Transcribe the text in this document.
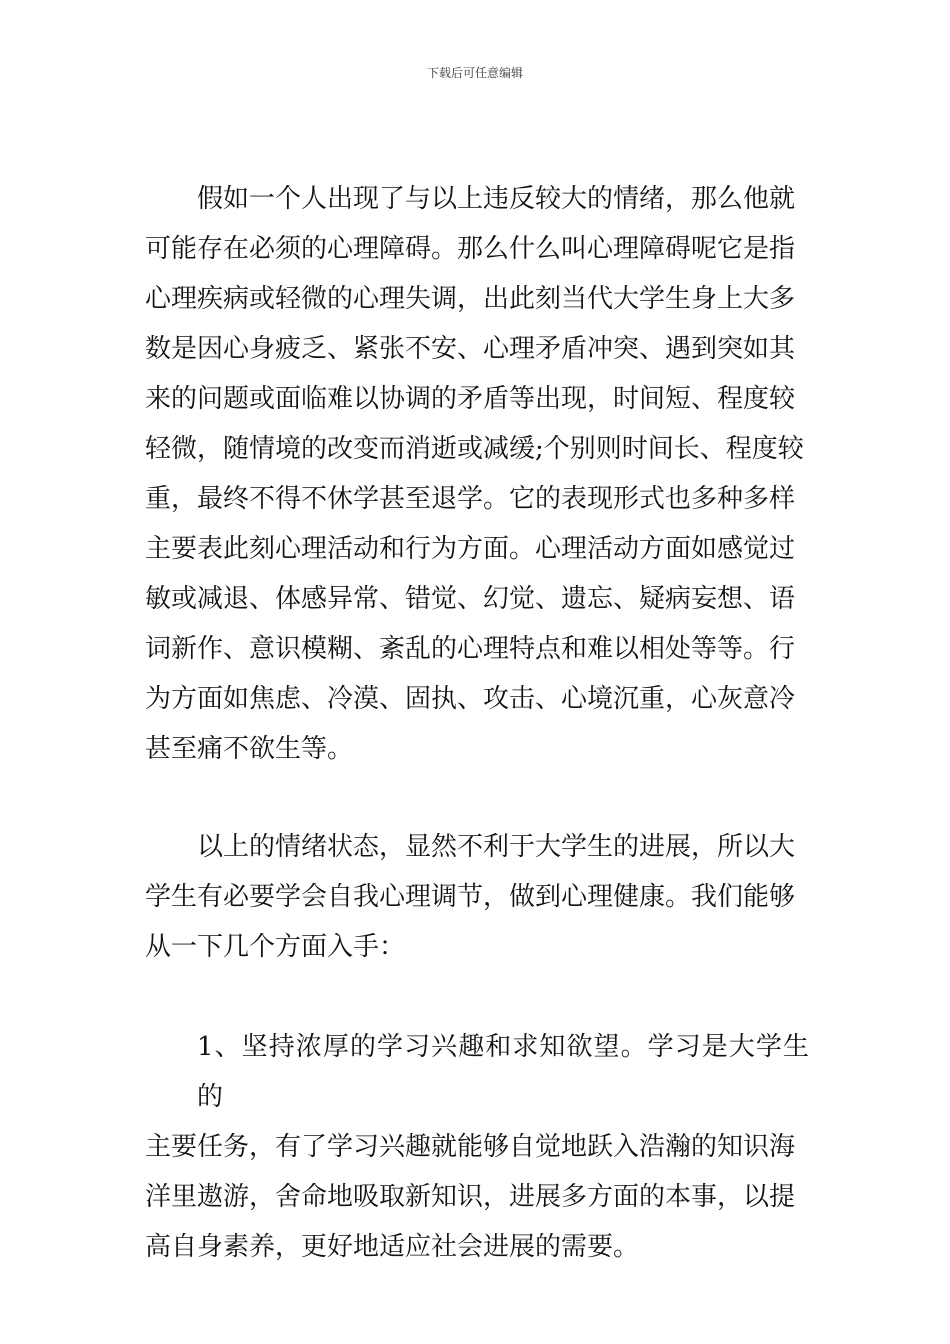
下载后可任意编辑

假如一个人出现了与以上违反较大的情绪，那么他就
可能存在必须的心理障碍。那么什么叫心理障碍呢它是指
心理疾病或轻微的心理失调，出此刻当代大学生身上大多
数是因心身疲乏、紧张不安、心理矛盾冲突、遇到突如其
来的问题或面临难以协调的矛盾等出现，时间短、程度较
轻微，随情境的改变而消逝或减缓;个别则时间长、程度较
重，最终不得不休学甚至退学。它的表现形式也多种多样
主要表此刻心理活动和行为方面。心理活动方面如感觉过
敏或减退、体感异常、错觉、幻觉、遗忘、疑病妄想、语
词新作、意识模糊、紊乱的心理特点和难以相处等等。行
为方面如焦虑、冷漠、固执、攻击、心境沉重，心灰意冷
甚至痛不欲生等。

以上的情绪状态，显然不利于大学生的进展，所以大
学生有必要学会自我心理调节，做到心理健康。我们能够
从一下几个方面入手：

1、坚持浓厚的学习兴趣和求知欲望。学习是大学生的
主要任务，有了学习兴趣就能够自觉地跃入浩瀚的知识海
洋里遨游，舍命地吸取新知识，进展多方面的本事，以提
高自身素养，更好地适应社会进展的需要。
